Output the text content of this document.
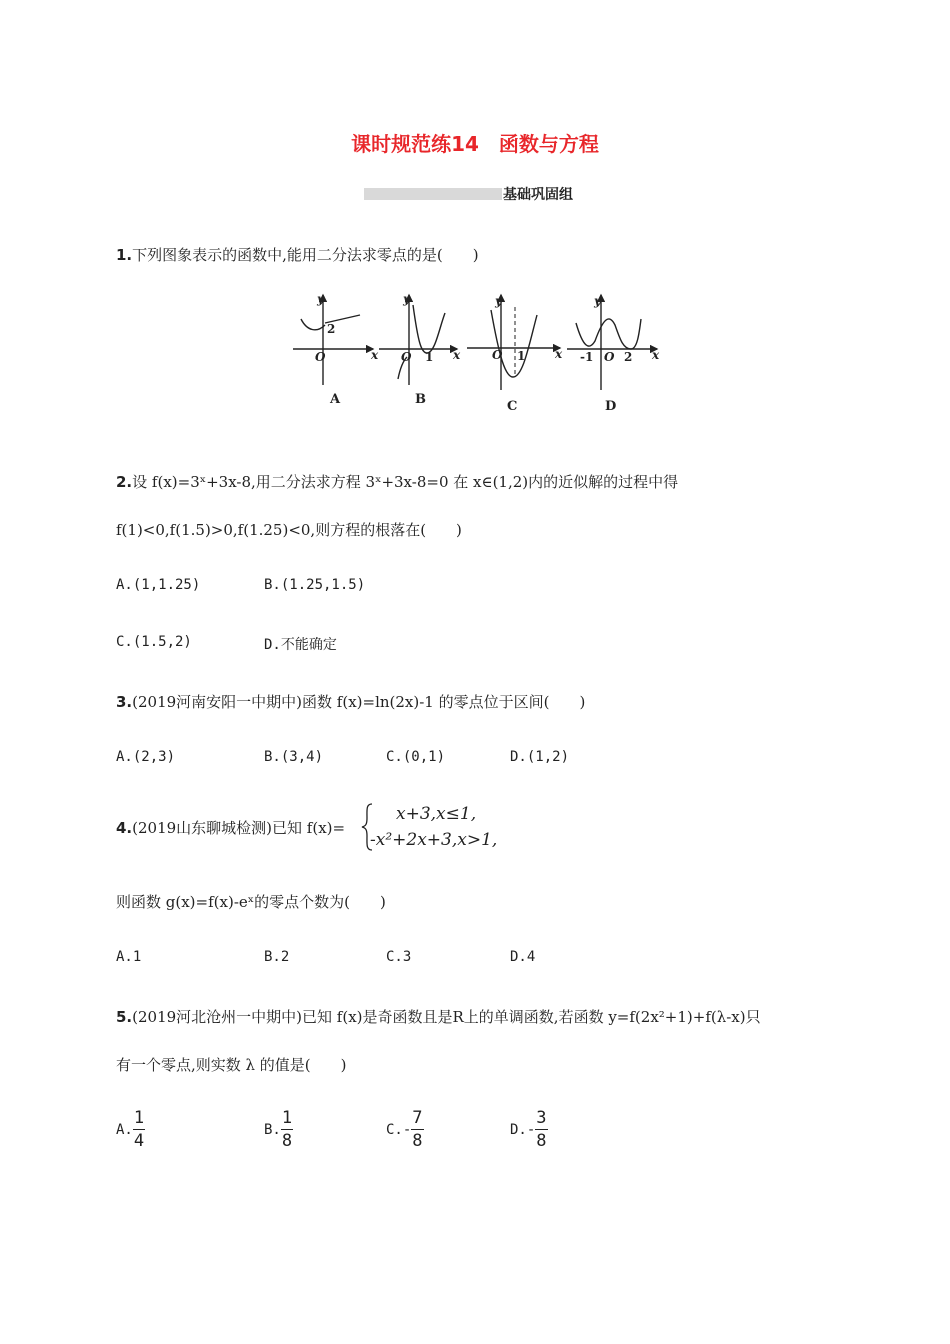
课时规范练14　函数与方程
基础巩固组
1.下列图象表示的函数中,能用二分法求零点的是(　　)
y
x
O
2
y
x
O 1
y
x
O 1
y
x
O
-1	2
A	B	C	D
2.设 f(x)=3ˣ+3x-8,用二分法求方程 3ˣ+3x-8=0 在 x∈(1,2)内的近似解的过程中得
f(1)<0,f(1.5)>0,f(1.25)<0,则方程的根落在(　　)
A.(1,1.25)	B.(1.25,1.5)
C.(1.5,2)	D.不能确定
3.(2019河南安阳一中期中)函数 f(x)=ln(2x)-1 的零点位于区间(　　)
A.(2,3)	B.(3,4)	C.(0,1)	D.(1,2)
4.(2019山东聊城检测)已知 f(x)=
x+3,x≤1,
-x²+2x+3,x>1,
则函数 g(x)=f(x)-eˣ的零点个数为(　　)
A.1	B.2	C.3	D.4
5.(2019河北沧州一中期中)已知 f(x)是奇函数且是R上的单调函数,若函数 y=f(2x²+1)+f(λ-x)只
有一个零点,则实数 λ 的值是(　　)
A. $\frac{1}{4}$	B. $\frac{1}{8}$	$C.- \frac{7}{8}$	$D.- \frac{3}{8}$
